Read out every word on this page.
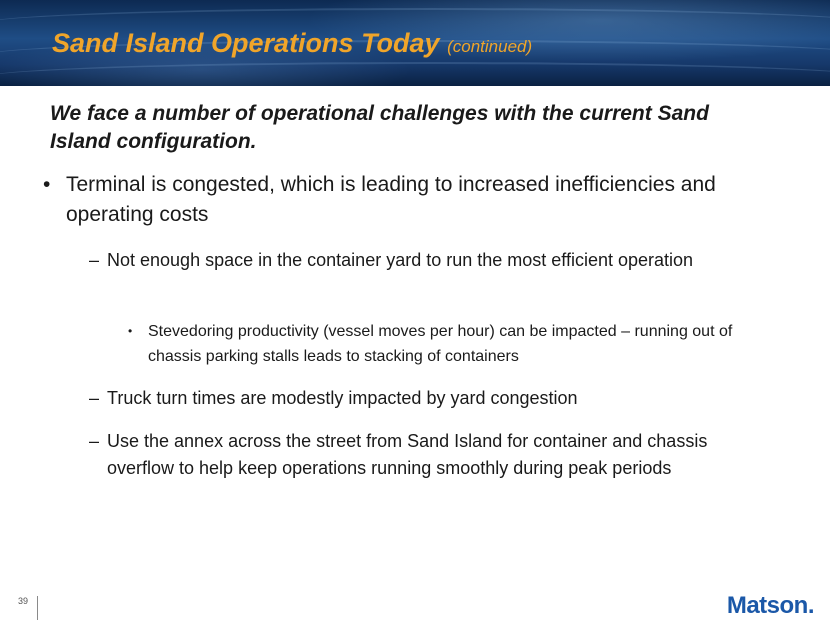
Sand Island Operations Today (continued)
We face a number of operational challenges with the current Sand Island configuration.
• Terminal is congested, which is leading to increased inefficiencies and operating costs
– Not enough space in the container yard to run the most efficient operation
• Stevedoring productivity (vessel moves per hour) can be impacted – running out of chassis parking stalls leads to stacking of containers
– Truck turn times are modestly impacted by yard congestion
– Use the annex across the street from Sand Island for container and chassis overflow to help keep operations running smoothly during peak periods
39	Matson.
